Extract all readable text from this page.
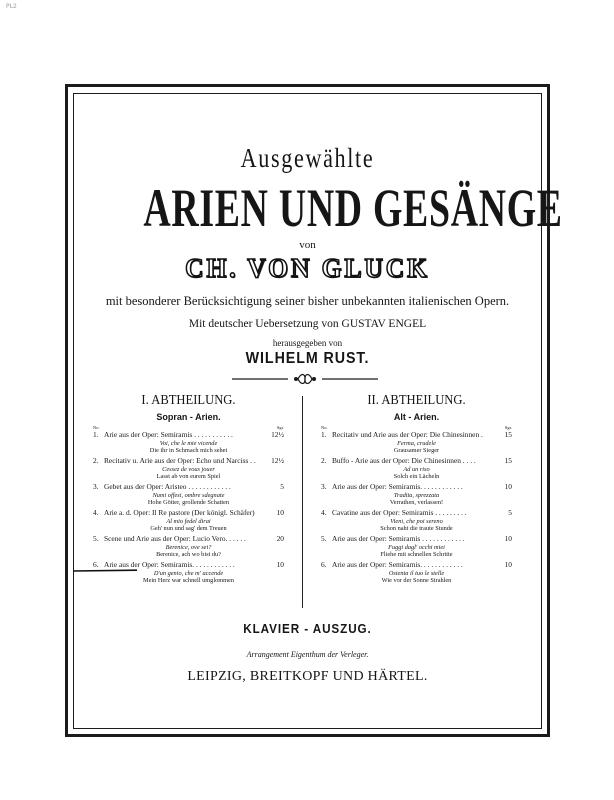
PL2
Ausgewählte
ARIEN UND GESÄNGE
von
CH. VON GLUCK
mit besonderer Berücksichtigung seiner bisher unbekannten italienischen Opern.
Mit deutscher Uebersetzung von GUSTAV ENGEL
herausgegeben von
WILHELM RUST.
I. ABTHEILUNG.
Sopran - Arien.
No.	Sgr.
1. Arie aus der Oper: Semiramis . . . . . . . . . . .	12½
Voi, che le mie vicende
Die ihr in Schmach mich sehet
2. Recitativ u. Arie aus der Oper: Echo und Narciss . .	12½
Cessez de vous jouer
Lasst ab von eurem Spiel
3. Gebet aus der Oper: Aristeo . . . . . . . . . . . .	5
Numi offesi, ombre sdegnate
Hohe Götter, grollende Schatten
4. Arie a. d. Oper: Il Re pastore (Der königl. Schäfer)	10
Al mio fedel dirai
Geh' nun und sag' dem Treuen
5. Scene und Arie aus der Oper: Lucio Vero. . . . . .	20
Berenice, ove sei?
Berenice, ach wo bist du?
6. Arie aus der Oper: Semiramis. . . . . . . . . . . .	10
D'un genio, che m' accende
Mein Herz war schnell umglommen
II. ABTHEILUNG.
Alt - Arien.
No.	Sgr.
1. Recitativ und Arie aus der Oper: Die Chinesinnen .	15
Ferma, crudele
Grausamer Sieger
2. Buffo - Arie aus der Oper: Die Chinesinnen . . . .	15
Ad un riso
Solch ein Lächeln
3. Arie aus der Oper: Semiramis. . . . . . . . . . . .	10
Tradita, sprezzata
Verrathen, verlassen!
4. Cavatine aus der Oper: Semiramis . . . . . . . . .	5
Vieni, che poi sereno
Schon naht die traute Stunde
5. Arie aus der Oper: Semiramis . . . . . . . . . . . .	10
Fuggi dagl' occhi miei
Fliehe mit schnellen Schritte
6. Arie aus der Oper: Semiramis. . . . . . . . . . . .	10
Ostenta il tuo le stelle
Wie vor der Sonne Strahlen
KLAVIER - AUSZUG.
Arrangement Eigenthum der Verleger.
LEIPZIG, BREITKOPF UND HÄRTEL.
